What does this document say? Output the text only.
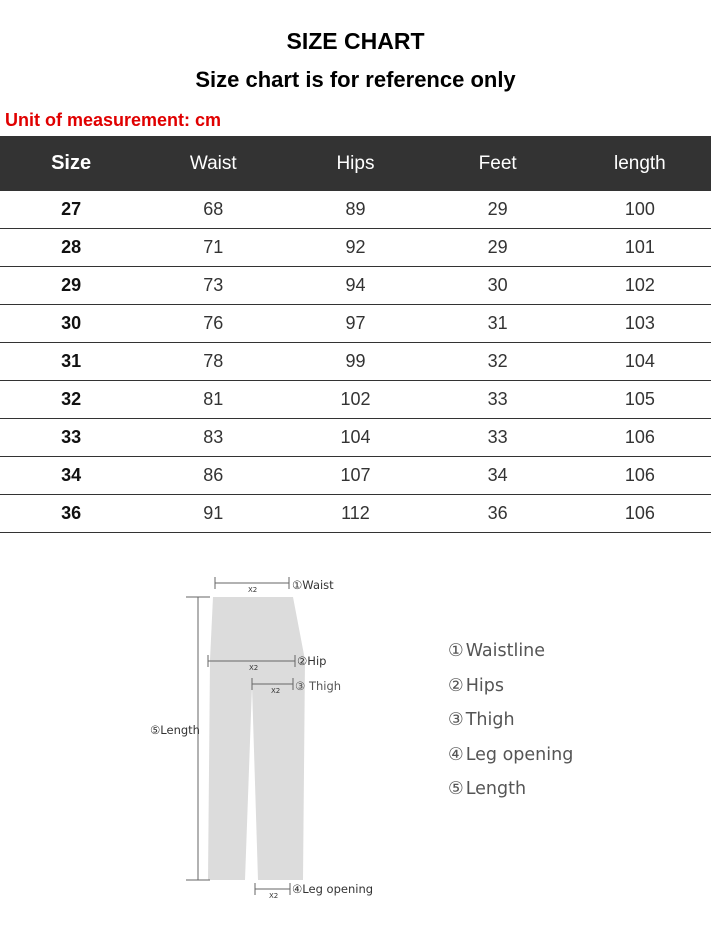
SIZE CHART
Size chart is for reference only
Unit of measurement: cm
Size	Waist	Hips	Feet	length
27	68	89	29	100
28	71	92	29	101
29	73	94	30	102
30	76	97	31	103
31	78	99	32	104
32	81	102	33	105
33	83	104	33	106
34	86	107	34	106
36	91	112	36	106
X2
X2
X2
X2
①Waist
②Hip
③ Thigh
④Leg opening
⑤Length
① Waistline
② Hips
③ Thigh
④ Leg opening
⑤ Length
